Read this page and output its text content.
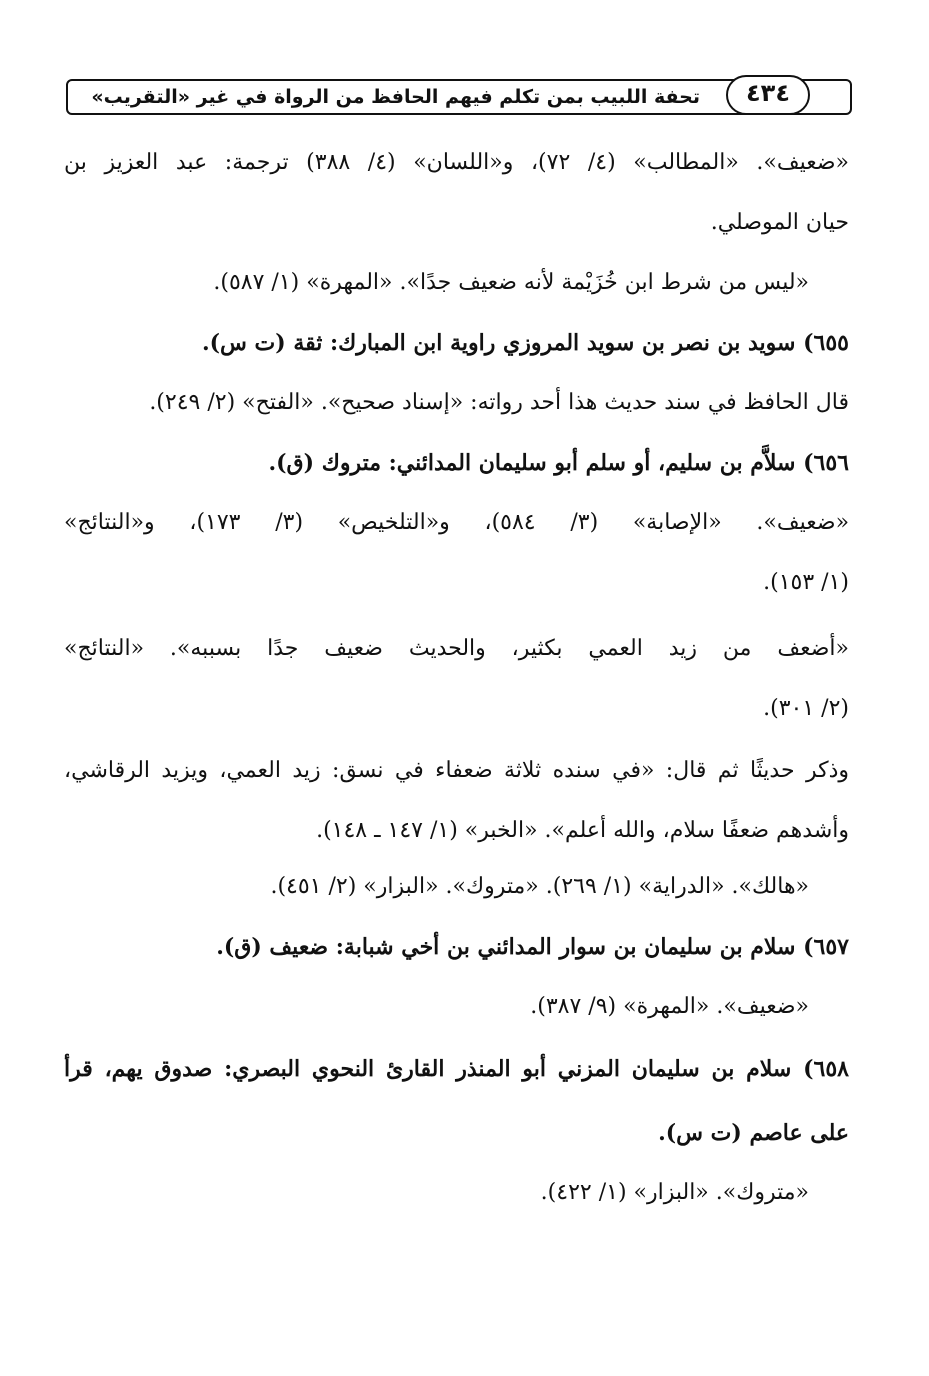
٤٣٤
تحفة اللبيب بمن تكلم فيهم الحافظ من الرواة في غير «التقريب»
«ضعيف». «المطالب» (٤/ ٧٢)، و«اللسان» (٤/ ٣٨٨) ترجمة: عبد العزيز بن
حيان الموصلي.
«ليس من شرط ابن خُزَيْمة لأنه ضعيف جدًا». «المهرة» (١/ ٥٨٧).
٦٥٥) سويد بن نصر بن سويد المروزي راوية ابن المبارك: ثقة (ت س).
قال الحافظ في سند حديث هذا أحد رواته: «إسناد صحيح». «الفتح» (٢/ ٢٤٩).
٦٥٦) سلاَّم بن سليم، أو سلم أبو سليمان المدائني: متروك (ق).
«ضعيف». «الإصابة» (٣/ ٥٨٤)، و«التلخيص» (٣/ ١٧٣)، و«النتائج»
(١/ ١٥٣).
«أضعف من زيد العمي بكثير، والحديث ضعيف جدًا بسببه». «النتائج»
(٢/ ٣٠١).
وذكر حديثًا ثم قال: «في سنده ثلاثة ضعفاء في نسق: زيد العمي، ويزيد الرقاشي،
وأشدهم ضعفًا سلام، والله أعلم». «الخبر» (١/ ١٤٧ ـ ١٤٨).
«هالك». «الدراية» (١/ ٢٦٩). «متروك». «البزار» (٢/ ٤٥١).
٦٥٧) سلام بن سليمان بن سوار المدائني بن أخي شبابة: ضعيف (ق).
«ضعيف». «المهرة» (٩/ ٣٨٧).
٦٥٨) سلام بن سليمان المزني أبو المنذر القارئ النحوي البصري: صدوق يهم، قرأ
على عاصم (ت س).
«متروك». «البزار» (١/ ٤٢٢).
